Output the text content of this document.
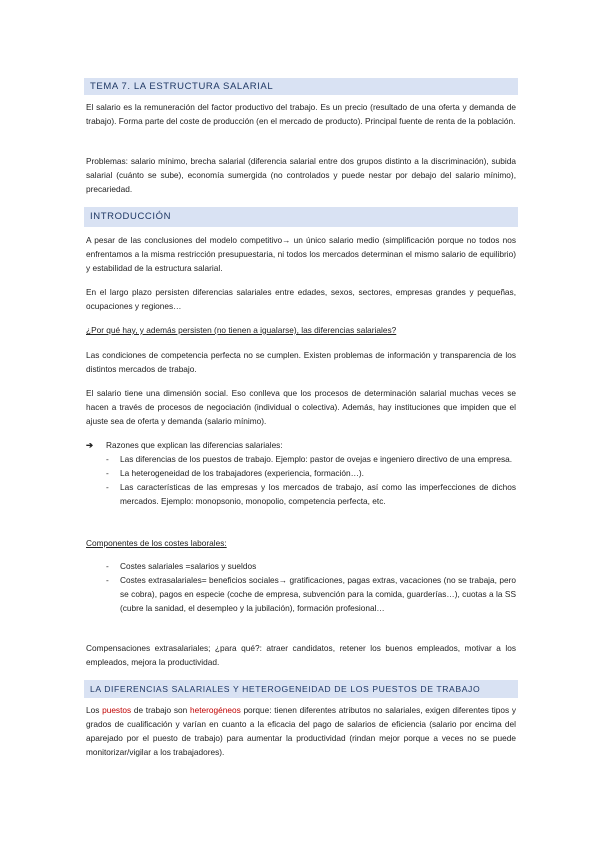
TEMA 7. LA ESTRUCTURA SALARIAL

El salario es la remuneración del factor productivo del trabajo. Es un precio (resultado de una oferta y demanda de trabajo). Forma parte del coste de producción (en el mercado de producto). Principal fuente de renta de la población.

Problemas: salario mínimo, brecha salarial (diferencia salarial entre dos grupos distinto a la discriminación), subida salarial (cuánto se sube), economía sumergida (no controlados y puede nestar por debajo del salario mínimo), precariedad.

INTRODUCCIÓN

A pesar de las conclusiones del modelo competitivo→ un único salario medio (simplificación porque no todos nos enfrentamos a la misma restricción presupuestaria, ni todos los mercados determinan el mismo salario de equilibrio) y estabilidad de la estructura salarial.

En el largo plazo persisten diferencias salariales entre edades, sexos, sectores, empresas grandes y pequeñas, ocupaciones y regiones…

¿Por qué hay, y además persisten (no tienen a igualarse), las diferencias salariales?

Las condiciones de competencia perfecta no se cumplen. Existen problemas de información y transparencia de los distintos mercados de trabajo.

El salario tiene una dimensión social. Eso conlleva que los procesos de determinación salarial muchas veces se hacen a través de procesos de negociación (individual o colectiva). Además, hay instituciones que impiden que el ajuste sea de oferta y demanda (salario mínimo).

➔ Razones que explican las diferencias salariales:
- Las diferencias de los puestos de trabajo. Ejemplo: pastor de ovejas e ingeniero directivo de una empresa.
- La heterogeneidad de los trabajadores (experiencia, formación…).
- Las características de las empresas y los mercados de trabajo, así como las imperfecciones de dichos mercados. Ejemplo: monopsonio, monopolio, competencia perfecta, etc.

Componentes de los costes laborales:

- Costes salariales =salarios y sueldos
- Costes extrasalariales= beneficios sociales→ gratificaciones, pagas extras, vacaciones (no se trabaja, pero se cobra), pagos en especie (coche de empresa, subvención para la comida, guarderías…), cuotas a la SS (cubre la sanidad, el desempleo y la jubilación), formación profesional…

Compensaciones extrasalariales; ¿para qué?: atraer candidatos, retener los buenos empleados, motivar a los empleados, mejora la productividad.

LA DIFERENCIAS SALARIALES Y HETEROGENEIDAD DE LOS PUESTOS DE TRABAJO

Los puestos de trabajo son heterogéneos porque: tienen diferentes atributos no salariales, exigen diferentes tipos y grados de cualificación y varían en cuanto a la eficacia del pago de salarios de eficiencia (salario por encima del aparejado por el puesto de trabajo) para aumentar la productividad (rindan mejor porque a veces no se puede monitorizar/vigilar a los trabajadores).
